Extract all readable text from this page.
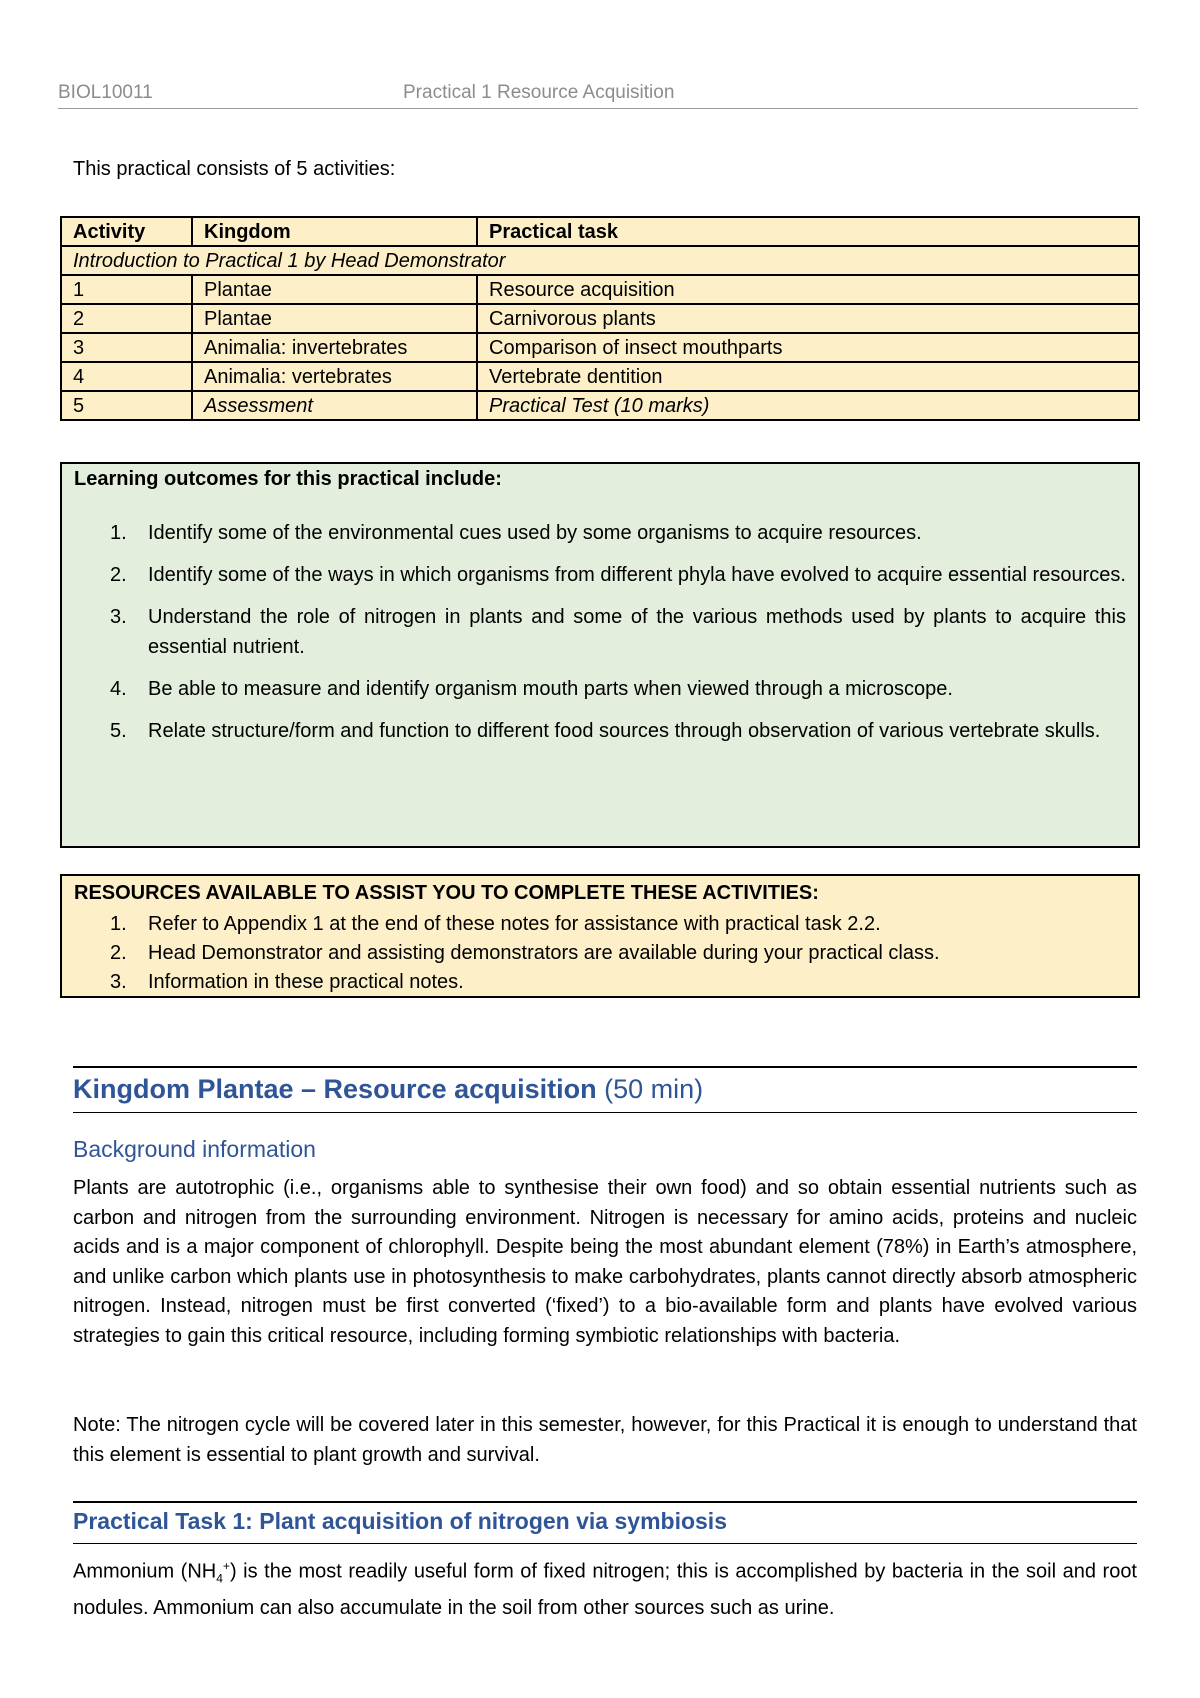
BIOL10011	Practical 1 Resource Acquisition
This practical consists of 5 activities:
Activity	Kingdom	Practical task
Introduction to Practical 1 by Head Demonstrator		
1	Plantae	Resource acquisition
2	Plantae	Carnivorous plants
3	Animalia: invertebrates	Comparison of insect mouthparts
4	Animalia: vertebrates	Vertebrate dentition
5	Assessment	Practical Test (10 marks)
Learning outcomes for this practical include:
1. Identify some of the environmental cues used by some organisms to acquire resources.
2. Identify some of the ways in which organisms from different phyla have evolved to acquire essential resources.
3. Understand the role of nitrogen in plants and some of the various methods used by plants to acquire this essential nutrient.
4. Be able to measure and identify organism mouth parts when viewed through a microscope.
5. Relate structure/form and function to different food sources through observation of various vertebrate skulls.
RESOURCES AVAILABLE TO ASSIST YOU TO COMPLETE THESE ACTIVITIES:
1. Refer to Appendix 1 at the end of these notes for assistance with practical task 2.2.
2. Head Demonstrator and assisting demonstrators are available during your practical class.
3. Information in these practical notes.
Kingdom Plantae – Resource acquisition (50 min)
Background information
Plants are autotrophic (i.e., organisms able to synthesise their own food) and so obtain essential nutrients such as carbon and nitrogen from the surrounding environment. Nitrogen is necessary for amino acids, proteins and nucleic acids and is a major component of chlorophyll. Despite being the most abundant element (78%) in Earth’s atmosphere, and unlike carbon which plants use in photosynthesis to make carbohydrates, plants cannot directly absorb atmospheric nitrogen. Instead, nitrogen must be first converted (‘fixed’) to a bio-available form and plants have evolved various strategies to gain this critical resource, including forming symbiotic relationships with bacteria.
Note: The nitrogen cycle will be covered later in this semester, however, for this Practical it is enough to understand that this element is essential to plant growth and survival.
Practical Task 1: Plant acquisition of nitrogen via symbiosis
Ammonium $(NH_4^+)$ is the most readily useful form of fixed nitrogen; this is accomplished by bacteria in the soil and root nodules. Ammonium can also accumulate in the soil from other sources such as urine.
